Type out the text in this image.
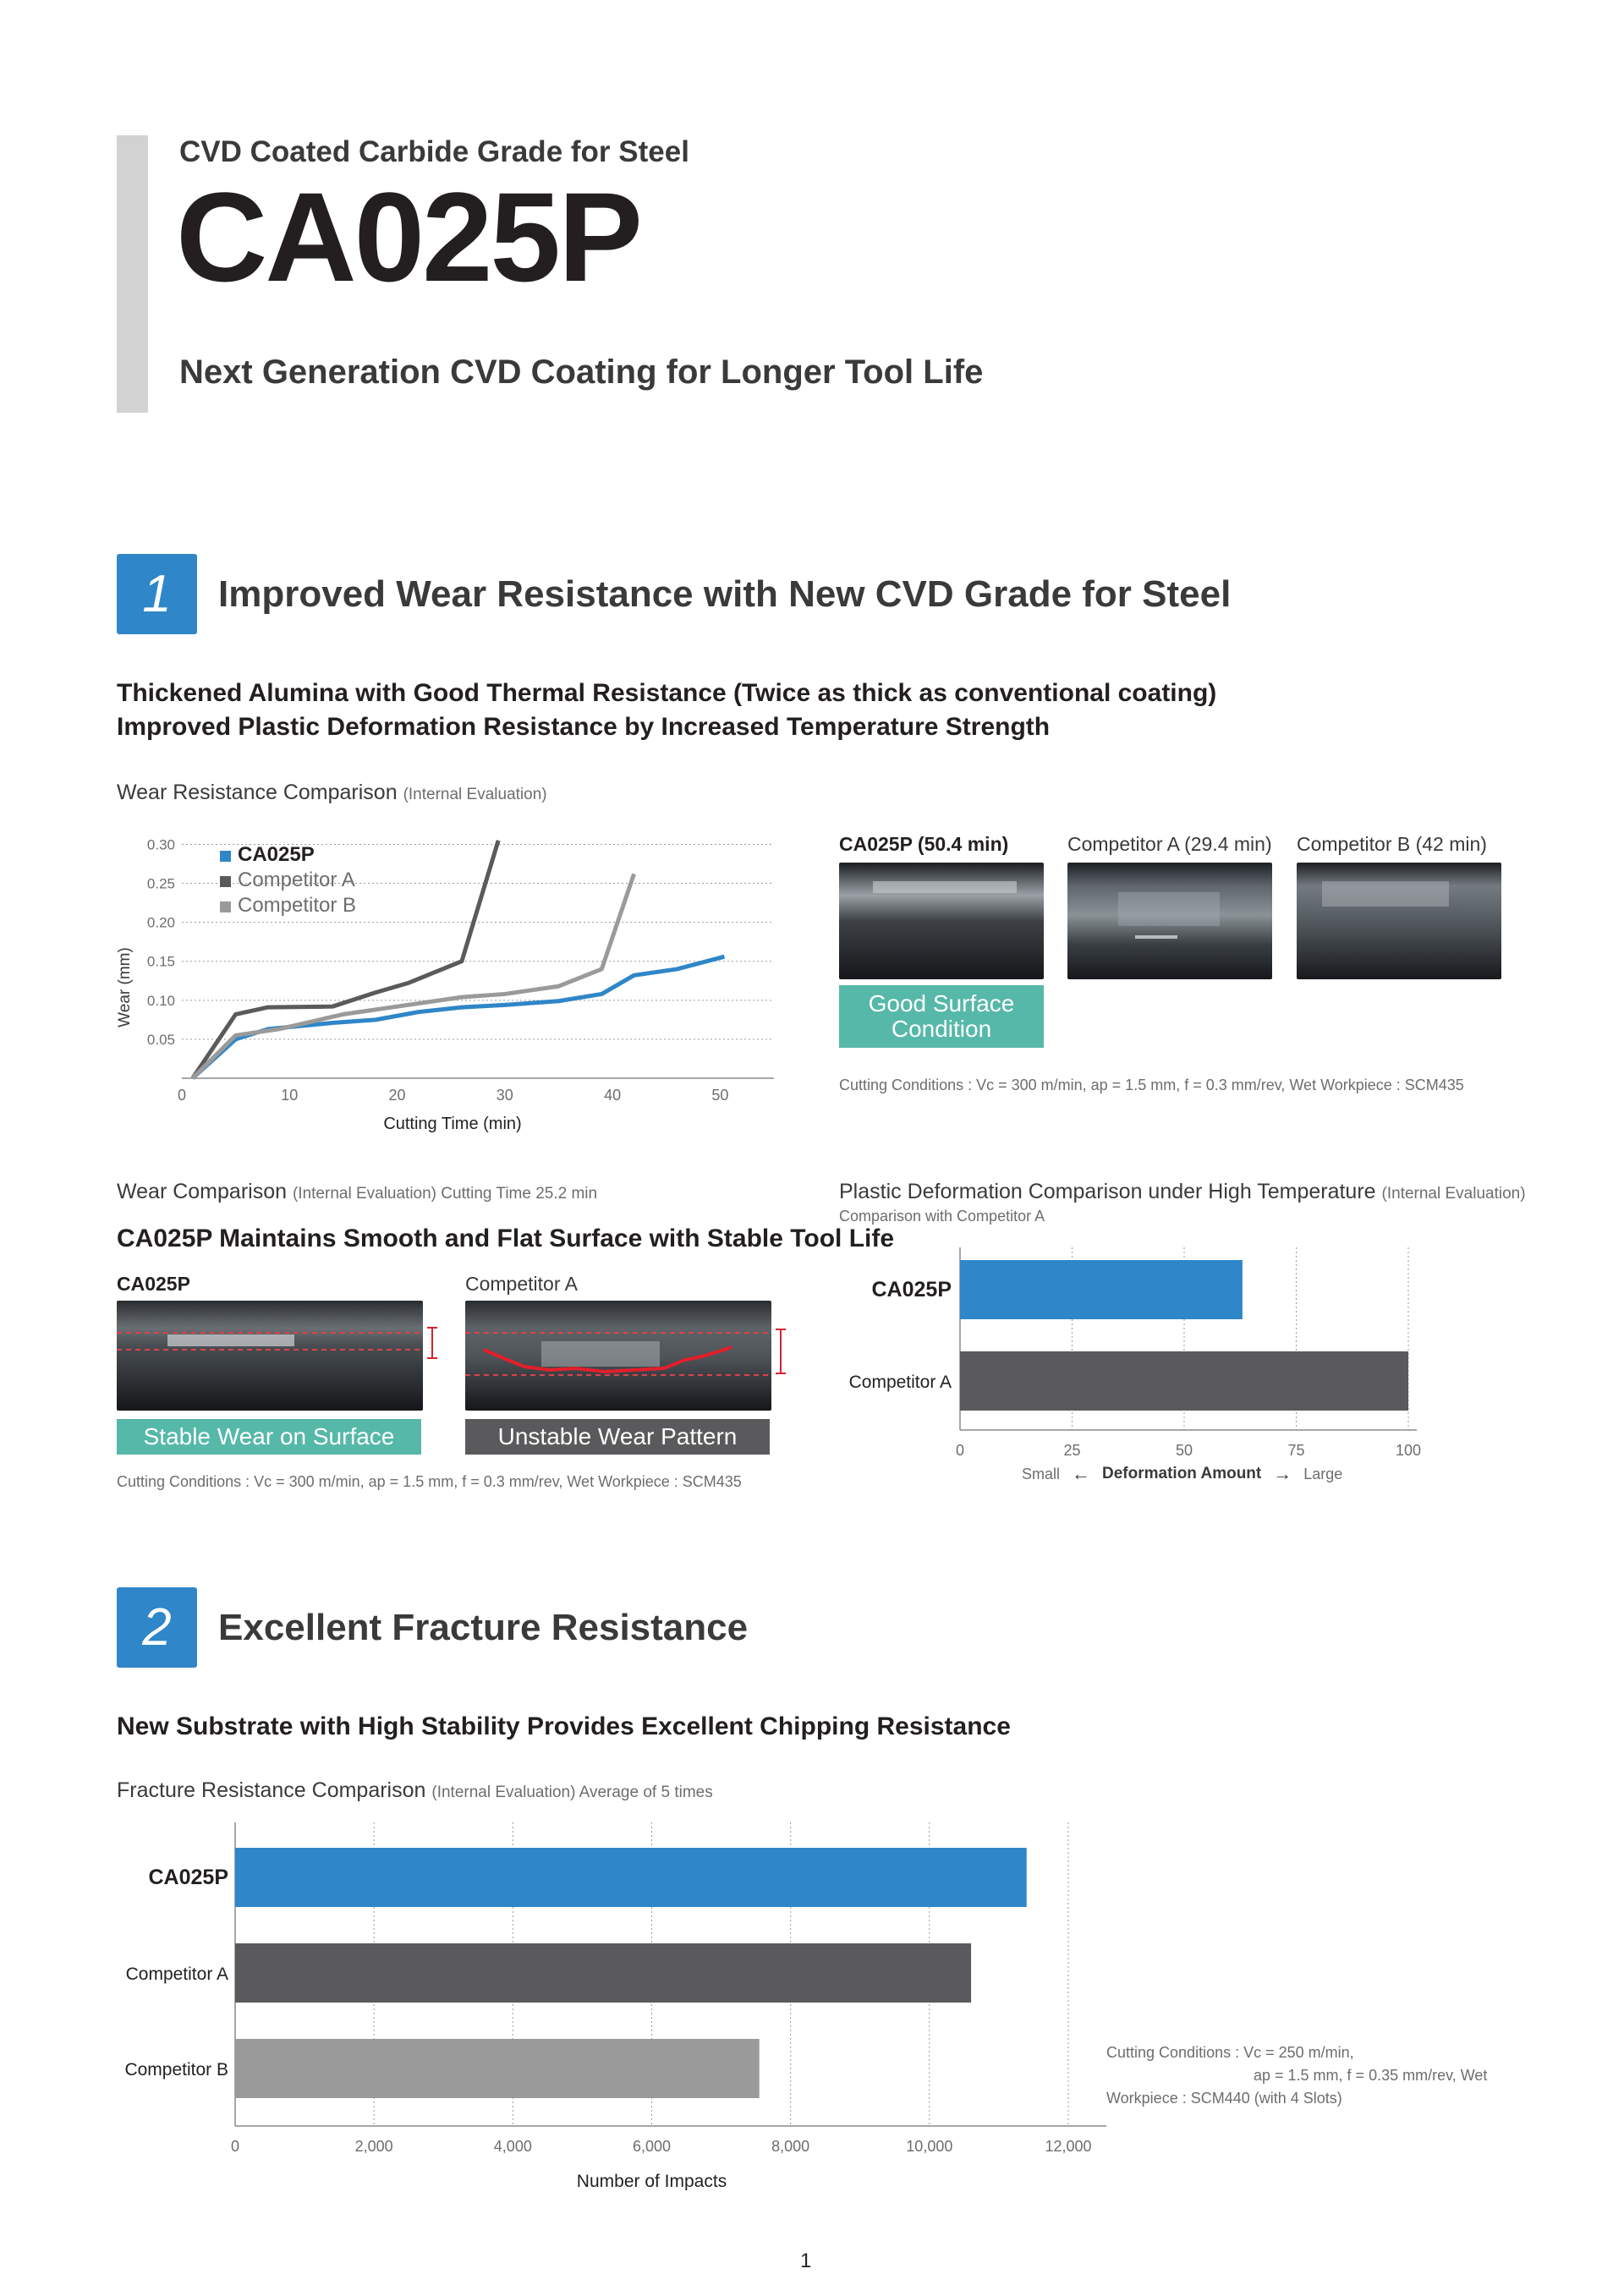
CVD Coated Carbide Grade for Steel
CA025P
Next Generation CVD Coating for Longer Tool Life
1	Improved Wear Resistance with New CVD Grade for Steel
Thickened Alumina with Good Thermal Resistance (Twice as thick as conventional coating)
Improved Plastic Deformation Resistance by Increased Temperature Strength
Wear Resistance Comparison (Internal Evaluation)
0.05
0.10
0.15
0.20
0.25
0.30
0	10	20	30	40	50
Wear (mm)
Cutting Time (min)
CA025P
Competitor A
Competitor B
CA025P (50.4 min)	Competitor A (29.4 min) Competitor B (42 min)
Good Surface Condition
Cutting Conditions : Vc = 300 m/min, ap = 1.5 mm, f = 0.3 mm/rev, Wet Workpiece : SCM435
Wear Comparison (Internal Evaluation) Cutting Time 25.2 min
CA025P Maintains Smooth and Flat Surface with Stable Tool Life
CA025P	Competitor A
Stable Wear on Surface	Unstable Wear Pattern
Cutting Conditions : Vc = 300 m/min, ap = 1.5 mm, f = 0.3 mm/rev, Wet Workpiece : SCM435
Plastic Deformation Comparison under High Temperature (Internal Evaluation)
Comparison with Competitor A
0	25	50	75	100
CA025P
Competitor A
Small ← Deformation Amount → Large
2	Excellent Fracture Resistance
New Substrate with High Stability Provides Excellent Chipping Resistance
Fracture Resistance Comparison (Internal Evaluation) Average of 5 times
0	2,000	4,000	6,000	8,000	10,000	12,000
CA025P
Competitor A
Competitor B
Number of Impacts
Cutting Conditions : Vc = 250 m/min,
ap = 1.5 mm, f = 0.35 mm/rev, Wet
Workpiece : SCM440 (with 4 Slots)
1
